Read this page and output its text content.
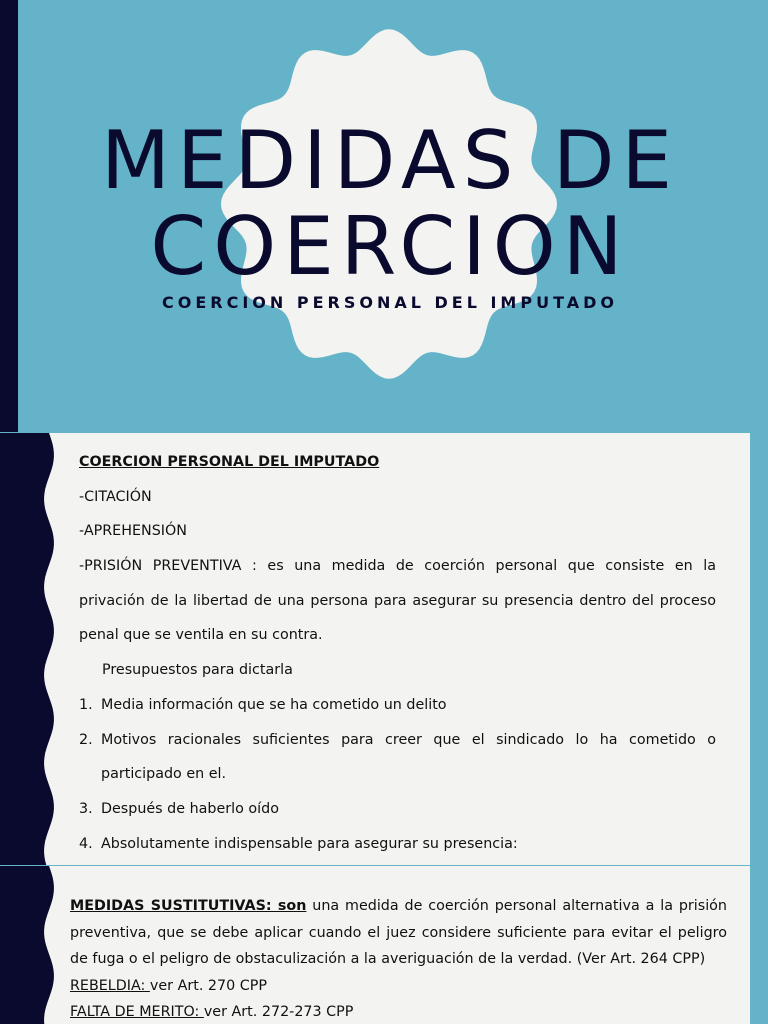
MEDIDAS DE
COERCION
COERCION PERSONAL DEL IMPUTADO
COERCION PERSONAL DEL IMPUTADO
-CITACIÓN
-APREHENSIÓN
-PRISIÓN PREVENTIVA : es una medida de coerción personal que consiste en la
privación de la libertad de una persona para asegurar su presencia dentro del proceso
penal que se ventila en su contra.
Presupuestos para dictarla
1. Media información que se ha cometido un delito
2. Motivos racionales suficientes para creer que el sindicado lo ha cometido o
participado en el.
3. Después de haberlo oído
4. Absolutamente indispensable para asegurar su presencia:
MEDIDAS SUSTITUTIVAS: son una medida de coerción personal alternativa a la prisión preventiva, que se debe aplicar cuando el juez considere suficiente para evitar el peligro de fuga o el peligro de obstaculización a la averiguación de la verdad. (Ver Art. 264 CPP)
REBELDIA: ver Art. 270 CPP
FALTA DE MERITO: ver Art. 272-273 CPP
